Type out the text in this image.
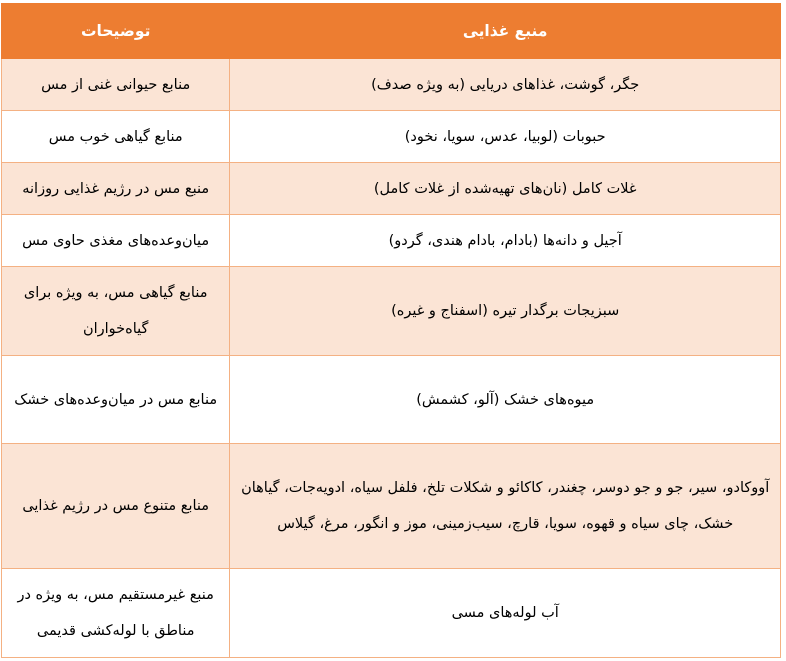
توضیحات	منبع غذایی
منابع حیوانی غنی از مس	جگر، گوشت، غذاهای دریایی (به ویژه صدف)
منابع گیاهی خوب مس	حبوبات (لوبیا، عدس، سویا، نخود)
منبع مس در رژیم غذایی روزانه	غلات کامل (نان‌های تهیه‌شده از غلات کامل)
میان‌وعده‌های مغذی حاوی مس	آجیل و دانه‌ها (بادام، بادام هندی، گردو)
منابع گیاهی مس، به ویژه برای گیاه‌خواران	سبزیجات برگدار تیره (اسفناج و غیره)
منابع مس در میان‌وعده‌های خشک	میوه‌های خشک (آلو، کشمش)
منابع متنوع مس در رژیم غذایی	آووکادو، سیر، جو و جو دوسر، چغندر، کاکائو و شکلات تلخ، فلفل سیاه، ادویه‌جات، گیاهان خشک، چای سیاه و قهوه، سویا، قارچ، سیب‌زمینی، موز و انگور، مرغ، گیلاس
منبع غیرمستقیم مس، به ویژه در مناطق با لوله‌کشی قدیمی	آب لوله‌های مسی
